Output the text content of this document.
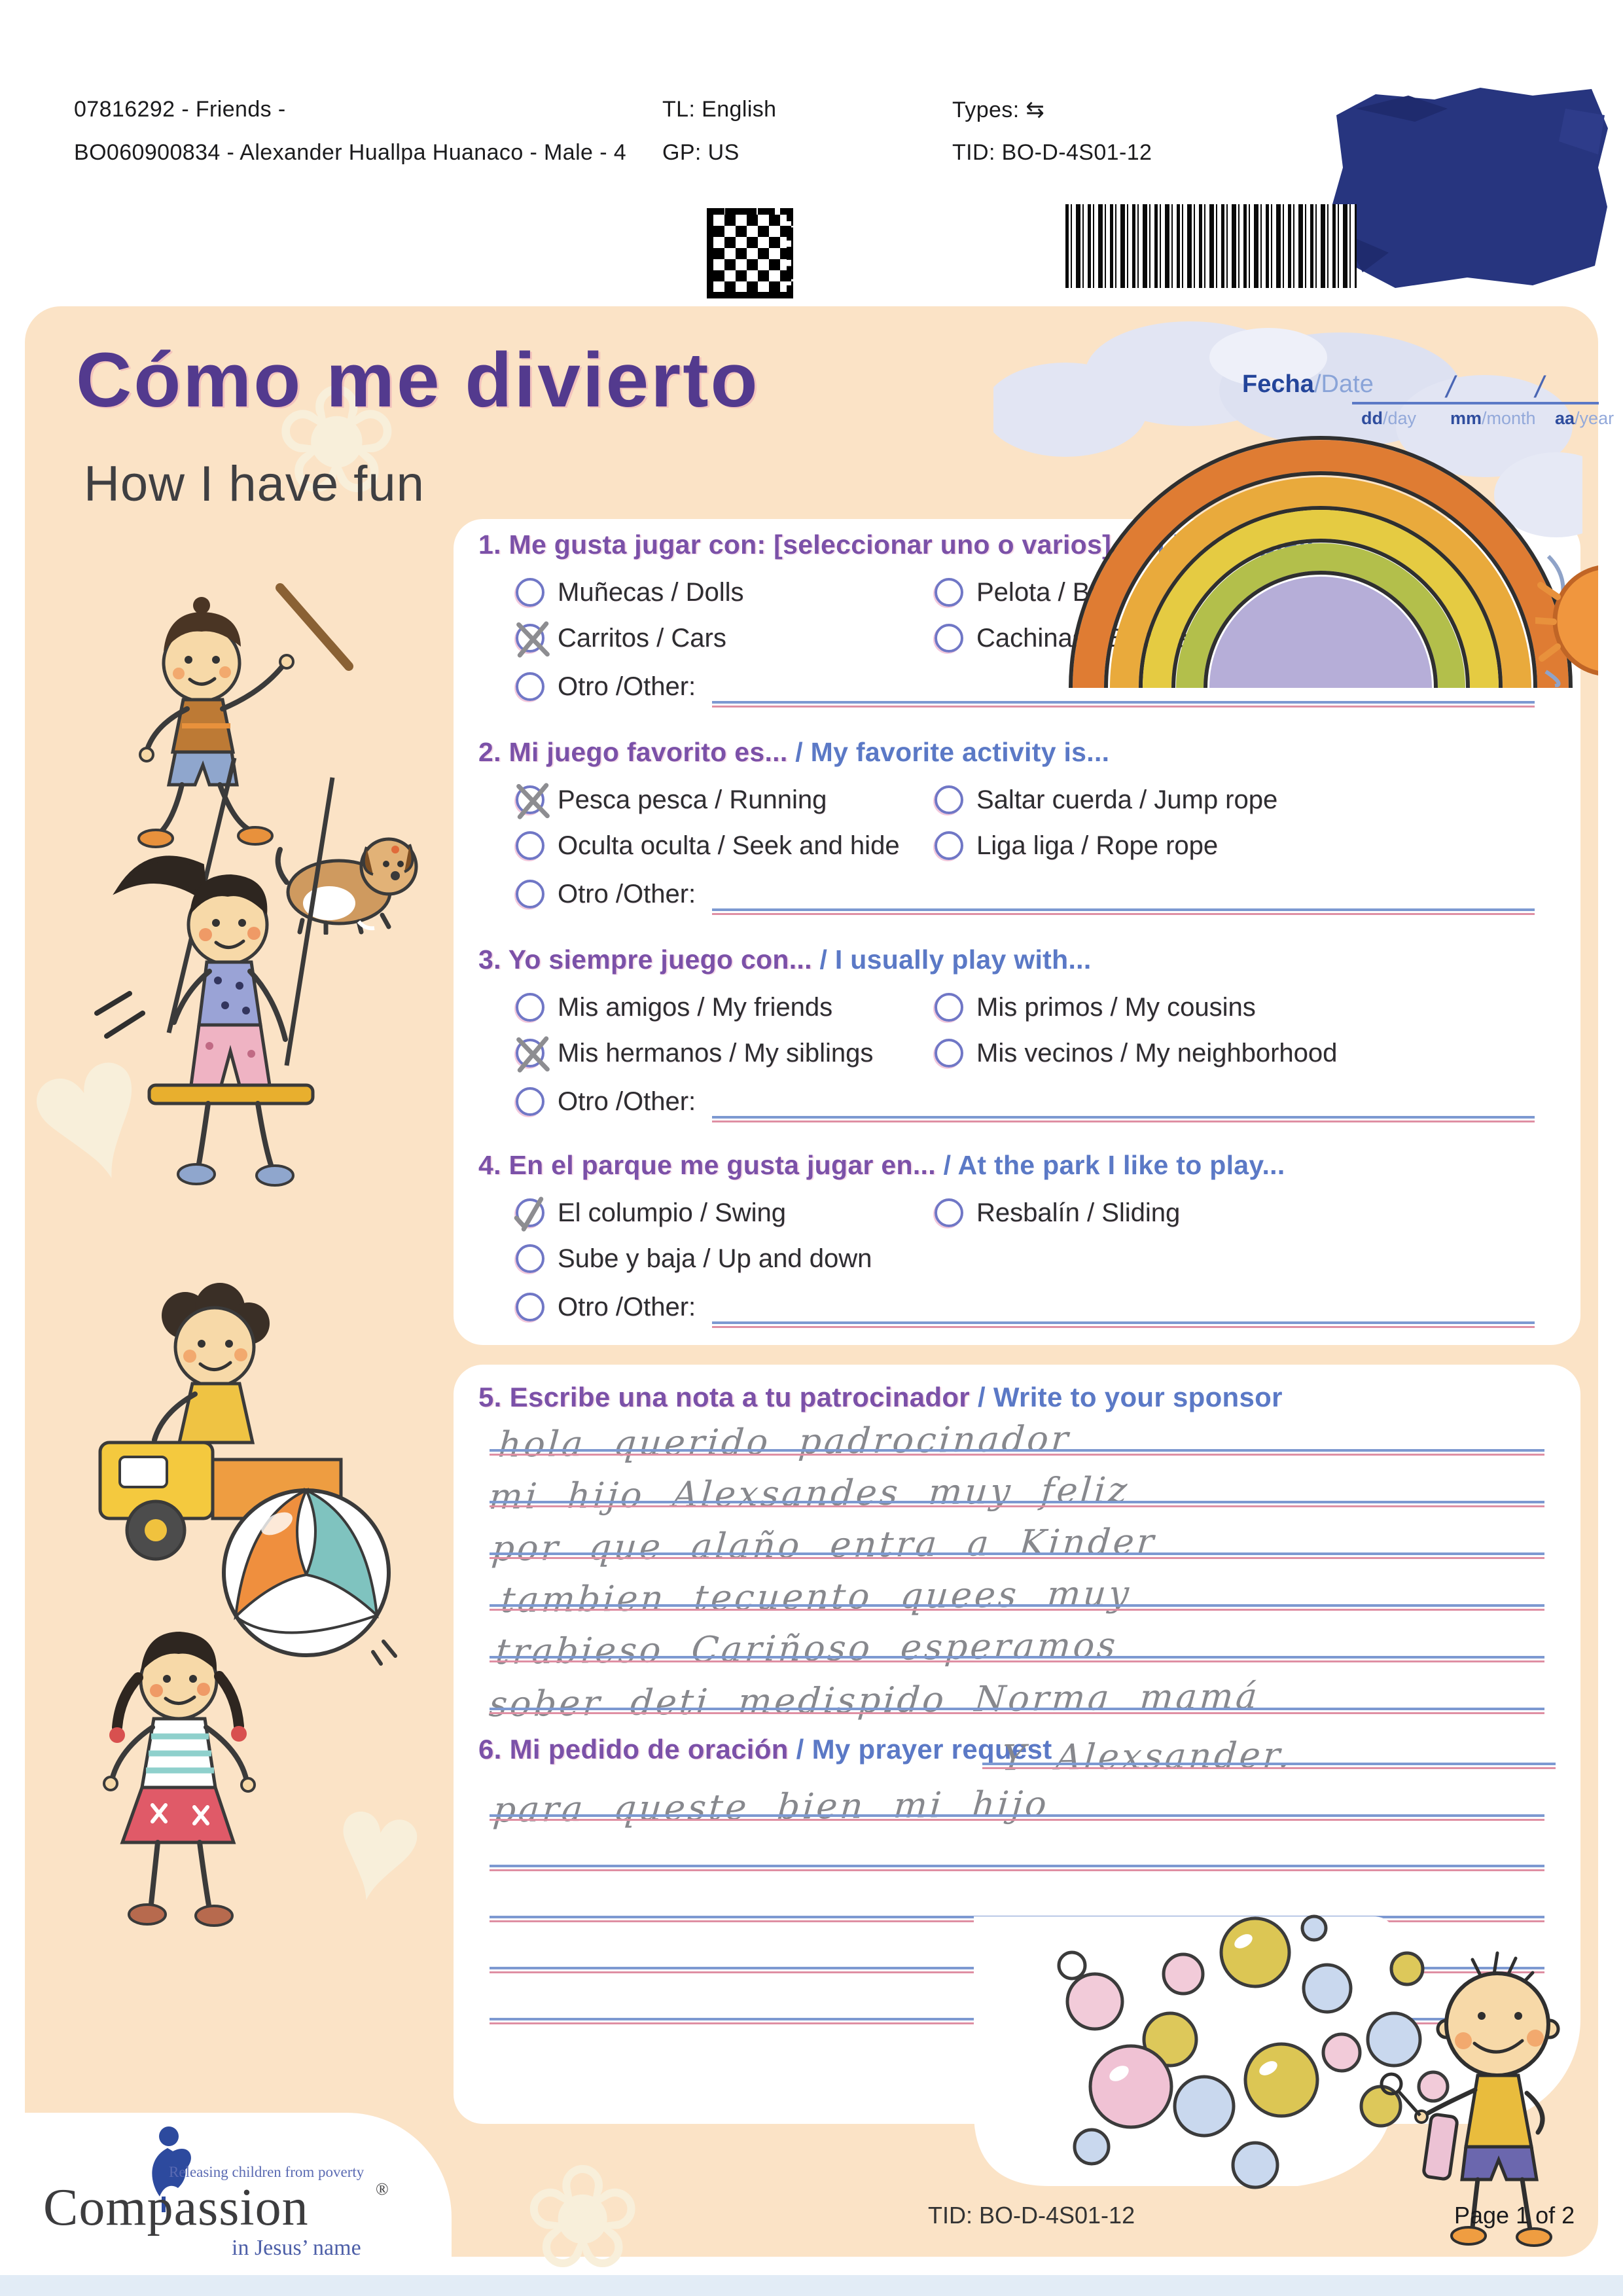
07816292 - Friends -
BO060900834 - Alexander Huallpa Huanaco - Male - 4
TL: English
GP: US
Types: ⇆
TID: BO-D-4S01-12
❀
♥
♥
❀
♥
Cómo me divierto
How I have fun
Fecha /Date /	/
dd/day mm/month aa/year
1. Me gusta jugar con: [seleccionar uno o varios]... / I like to play...
Muñecas / Dolls
Carritos / Cars
Pelota / Ball
Cachinas / Bubbles
Otro /Other:
2. Mi juego favorito es... / My favorite activity is...
Pesca pesca / Running
Oculta oculta / Seek and hide
Saltar cuerda / Jump rope
Liga liga / Rope rope
Otro /Other:
3. Yo siempre juego con... / I usually play with...
Mis amigos / My friends
Mis hermanos / My siblings
Mis primos / My cousins
Mis vecinos / My neighborhood
Otro /Other:
4. En el parque me gusta jugar en... / At the park I like to play...
El columpio / Swing
Sube y baja / Up and down
Resbalín / Sliding
Otro /Other:
5. Escribe una nota a tu patrocinador / Write to your sponsor
hola querido padrocinador
mi hijo Alexsandes muy feliz
por que alaño entra a Kinder
tambien tecuento quees muy
trabieso Cariñoso esperamos
sober deti medispido Norma mamá
6. Mi pedido de oración / My prayer request
Y Alexsander.
para queste bien mi hijo
Releasing children from poverty
Compassion	®
in Jesus’ name
TID: BO-D-4S01-12	Page 1 of 2
